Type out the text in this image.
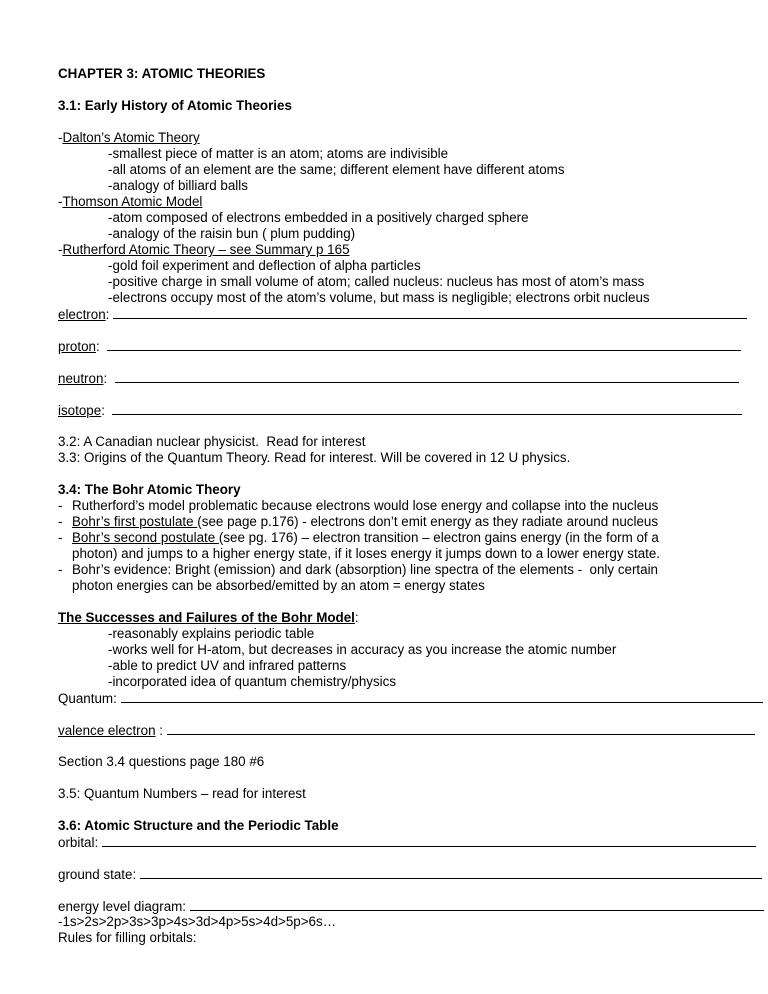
CHAPTER 3: ATOMIC THEORIES
3.1: Early History of Atomic Theories
-Dalton’s Atomic Theory
-smallest piece of matter is an atom; atoms are indivisible
-all atoms of an element are the same; different element have different atoms
-analogy of billiard balls
-Thomson Atomic Model
-atom composed of electrons embedded in a positively charged sphere
-analogy of the raisin bun ( plum pudding)
-Rutherford Atomic Theory – see Summary p 165
-gold foil experiment and deflection of alpha particles
-positive charge in small volume of atom; called nucleus: nucleus has most of atom’s mass
-electrons occupy most of the atom’s volume, but mass is negligible; electrons orbit nucleus
electron:
proton:
neutron:
isotope:
3.2: A Canadian nuclear physicist.  Read for interest
3.3: Origins of the Quantum Theory. Read for interest. Will be covered in 12 U physics.
3.4: The Bohr Atomic Theory
- Rutherford’s model problematic because electrons would lose energy and collapse into the nucleus
- Bohr’s first postulate (see page p.176) - electrons don’t emit energy as they radiate around nucleus
- Bohr’s second postulate (see pg. 176) – electron transition – electron gains energy (in the form of a
photon) and jumps to a higher energy state, if it loses energy it jumps down to a lower energy state.
- Bohr’s evidence: Bright (emission) and dark (absorption) line spectra of the elements -  only certain
photon energies can be absorbed/emitted by an atom = energy states
The Successes and Failures of the Bohr Model:
-reasonably explains periodic table
-works well for H-atom, but decreases in accuracy as you increase the atomic number
-able to predict UV and infrared patterns
-incorporated idea of quantum chemistry/physics
Quantum:
valence electron :
Section 3.4 questions page 180 #6
3.5: Quantum Numbers – read for interest
3.6: Atomic Structure and the Periodic Table
orbital:
ground state:
energy level diagram:
-1s>2s>2p>3s>3p>4s>3d>4p>5s>4d>5p>6s…
Rules for filling orbitals:
